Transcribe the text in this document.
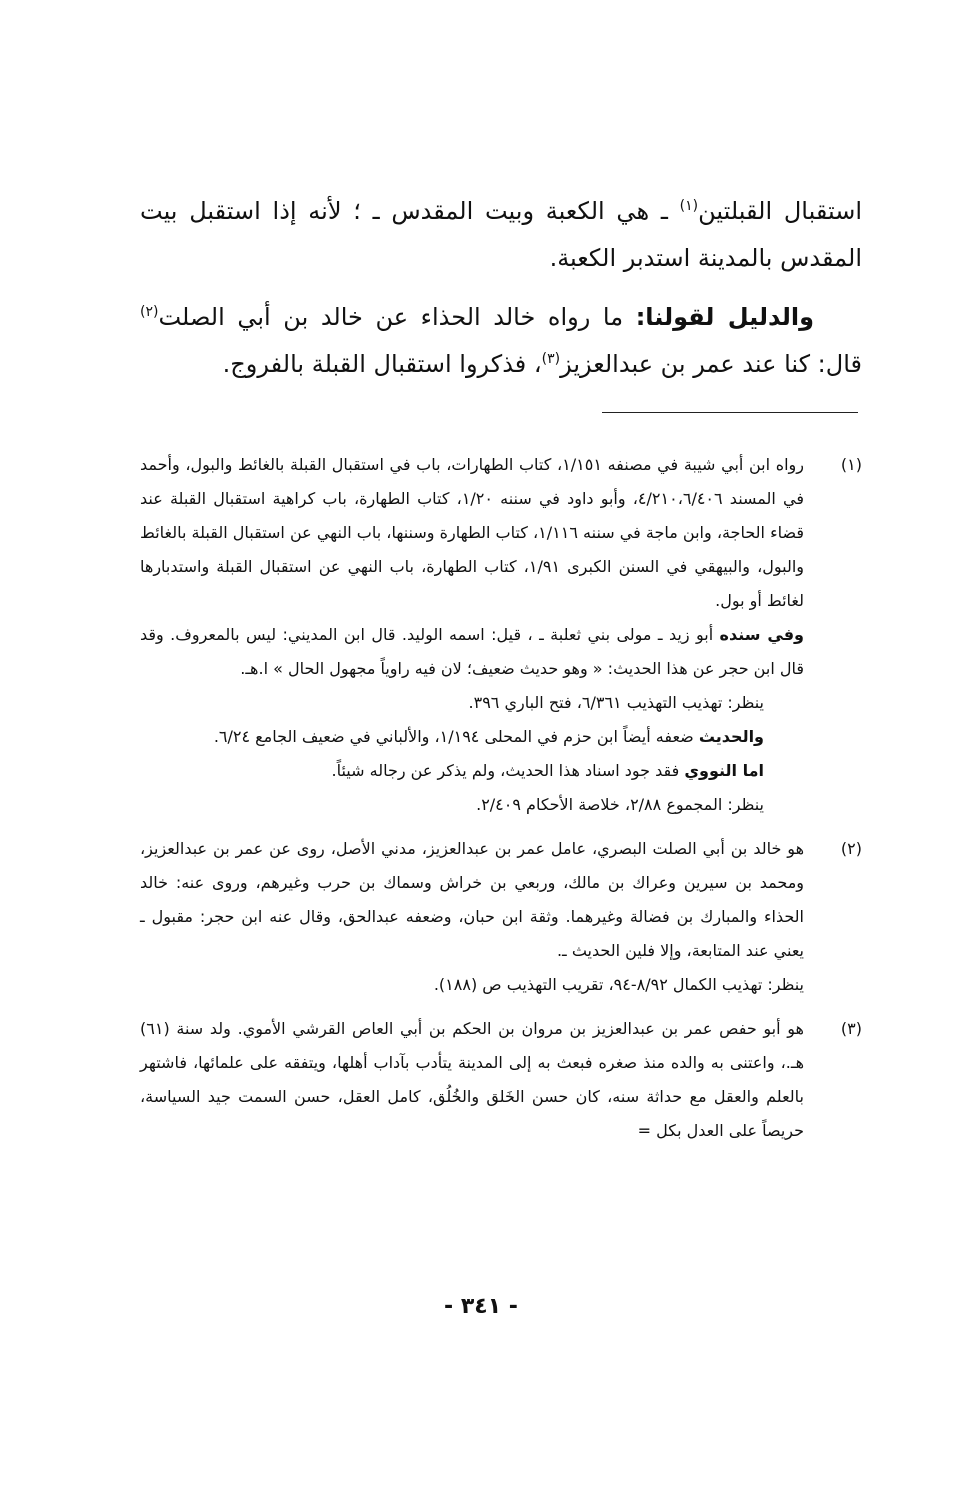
استقبال القبلتين$^{(١)}$ ـ هي الكعبة وبيت المقدس ـ ؛ لأنه إذا استقبل بيت المقدس بالمدينة استدبر الكعبة.

والدليل لقولنا: ما رواه خالد الحذاء عن خالد بن أبي الصلت$^{(٢)}$ قال: كنا عند عمر بن عبدالعزيز$^{(٣)}$، فذكروا استقبال القبلة بالفروج.

(١)

رواه ابن أبي شيبة في مصنفه ١/١٥١، كتاب الطهارات، باب في استقبال القبلة بالغائط والبول، وأحمد في المسند ٤/٢١٠،٦/٤٠٦، وأبو داود في سننه ١/٢٠، كتاب الطهارة، باب كراهية استقبال القبلة عند قضاء الحاجة، وابن ماجة في سننه ١/١١٦، كتاب الطهارة وسننها، باب النهي عن استقبال القبلة بالغائط والبول، والبيهقي في السنن الكبرى ١/٩١، كتاب الطهارة، باب النهي عن استقبال القبلة واستدبارها لغائط أو بول.

وفي سنده أبو زيد ـ مولى بني ثعلبة ـ ، قيل: اسمه الوليد. قال ابن المديني: ليس بالمعروف. وقد قال ابن حجر عن هذا الحديث: « وهو حديث ضعيف؛ لان فيه راوياً مجهول الحال » ا.هـ.

ينظر: تهذيب التهذيب ٦/٣٦١، فتح الباري ٣٩٦.

والحديث ضعفه أيضاً ابن حزم في المحلى ١/١٩٤، والألباني في ضعيف الجامع ٦/٢٤.

اما النووي فقد جود اسناد هذا الحديث، ولم يذكر عن رجاله شيئاً.

ينظر: المجموع ٢/٨٨، خلاصة الأحكام ٢/٤٠٩.

(٢)

هو خالد بن أبي الصلت البصري، عامل عمر بن عبدالعزيز، مدني الأصل، روى عن عمر بن عبدالعزيز، ومحمد بن سيرين وعراك بن مالك، وربعي بن خراش وسماك بن حرب وغيرهم، وروى عنه: خالد الحذاء والمبارك بن فضالة وغيرهما. وثقة ابن حبان، وضعفه عبدالحق، وقال عنه ابن حجر: مقبول ـ يعني عند المتابعة، وإلا فلين الحديث ـ.

ينظر: تهذيب الكمال ٨/٩٢-٩٤، تقريب التهذيب ص (١٨٨).

(٣)

هو أبو حفص عمر بن عبدالعزيز بن مروان بن الحكم بن أبي العاص القرشي الأموي. ولد سنة (٦١) هـ.، واعتنى به والده منذ صغره فبعث به إلى المدينة يتأدب بآداب أهلها، ويتفقه على علمائها، فاشتهر بالعلم والعقل مع حداثة سنه، كان حسن الخَلق والخُلُق، كامل العقل، حسن السمت جيد السياسة، حريصاً على العدل بكل =

- ٣٤١ -
